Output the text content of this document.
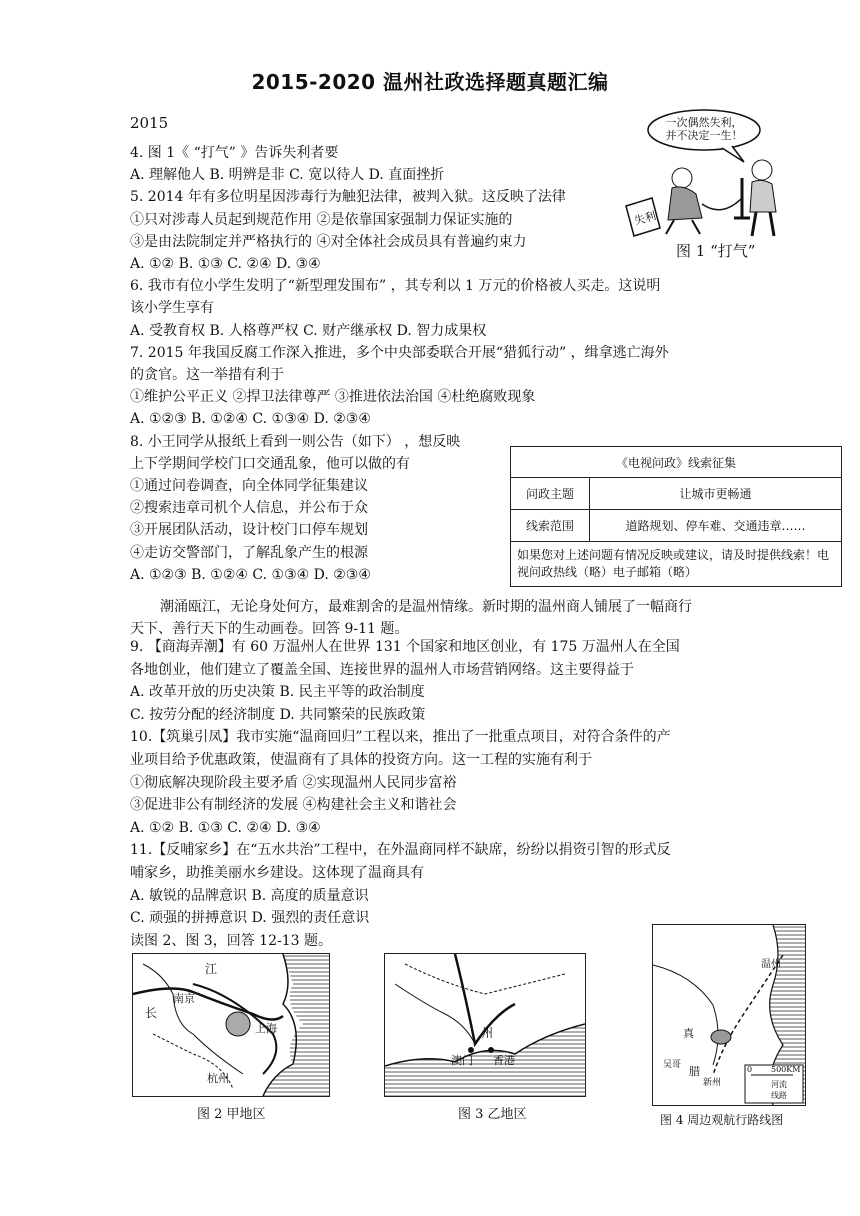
2015-2020 温州社政选择题真题汇编
2015
4. 图 1《 “打气” 》告诉失利者要
A. 理解他人 B. 明辨是非 C. 宽以待人 D. 直面挫折
5. 2014 年有多位明星因涉毒行为触犯法律，被判入狱。这反映了法律
①只对涉毒人员起到规范作用 ②是依靠国家强制力保证实施的
③是由法院制定并严格执行的 ④对全体社会成员具有普遍约束力
A. ①② B. ①③ C. ②④ D. ③④
6. 我市有位小学生发明了“新型理发围布” ，其专利以 1 万元的价格被人买走。这说明
该小学生享有
A. 受教育权 B. 人格尊严权 C. 财产继承权 D. 智力成果权
7. 2015 年我国反腐工作深入推进，多个中央部委联合开展“猎狐行动” ，缉拿逃亡海外
的贪官。这一举措有利于
①维护公平正义 ②捍卫法律尊严 ③推进依法治国 ④杜绝腐败现象
A. ①②③ B. ①②④ C. ①③④ D. ②③④
8. 小王同学从报纸上看到一则公告（如下） ，想反映
上下学期间学校门口交通乱象，他可以做的有
①通过问卷调查，向全体同学征集建议
②搜索违章司机个人信息，并公布于众
③开展团队活动，设计校门口停车规划
④走访交警部门，了解乱象产生的根源
A. ①②③ B. ①②④ C. ①③④ D. ②③④
潮涌瓯江，无论身处何方，最难割舍的是温州情缘。新时期的温州商人铺展了一幅商行
天下、善行天下的生动画卷。回答 9-11 题。
9. 【商海弄潮】有 60 万温州人在世界 131 个国家和地区创业，有 175 万温州人在全国
各地创业，他们建立了覆盖全国、连接世界的温州人市场营销网络。这主要得益于
A. 改革开放的历史决策 B. 民主平等的政治制度
C. 按劳分配的经济制度 D. 共同繁荣的民族政策
10.【筑巢引凤】我市实施“温商回归”工程以来，推出了一批重点项目，对符合条件的产
业项目给予优惠政策，使温商有了具体的投资方向。这一工程的实施有利于
①彻底解决现阶段主要矛盾 ②实现温州人民同步富裕
③促进非公有制经济的发展 ④构建社会主义和谐社会
A. ①② B. ①③ C. ②④ D. ③④
11.【反哺家乡】在“五水共治”工程中，在外温商同样不缺席，纷纷以捐资引智的形式反
哺家乡，助推美丽水乡建设。这体现了温商具有
A. 敏锐的品牌意识 B. 高度的质量意识
C. 顽强的拼搏意识 D. 强烈的责任意识
读图 2、图 3，回答 12-13 题。
一次偶然失利，
并不决定一生！
失利
图 1 “打气”
《电视问政》线索征集
问政主题	让城市更畅通
线索范围	道路规划、停车难、交通违章……
如果您对上述问题有情况反映或建议，请及时提供线索！电视问政热线（略）电子邮箱（略）
江
长
南京
上海
杭州
图 2 甲地区
州
澳门 香港
图 3 乙地区
温州
真
腊
吴哥
新州
0 500KM
河流
线路
图 4 周边观航行路线图
